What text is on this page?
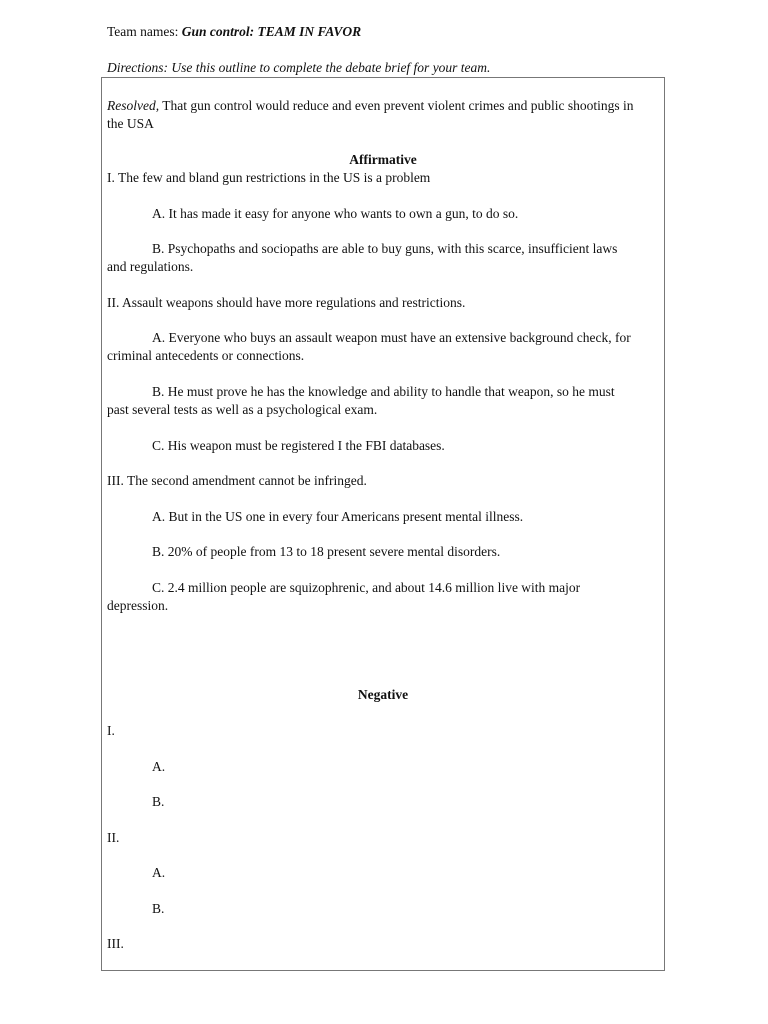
Team names: Gun control: TEAM IN FAVOR
Directions: Use this outline to complete the debate brief for your team.
Resolved, That gun control would reduce and even prevent violent crimes and public shootings in the USA
Affirmative
I. The few and bland gun restrictions in the US is a problem
A. It has made it easy for anyone who wants to own a gun, to do so.
B. Psychopaths and sociopaths are able to buy guns, with this scarce, insufficient laws and regulations.
II. Assault weapons should have more regulations and restrictions.
A. Everyone who buys an assault weapon must have an extensive background check, for criminal antecedents or connections.
B. He must prove he has the knowledge and ability to handle that weapon, so he must past several tests as well as a psychological exam.
C. His weapon must be registered I the FBI databases.
III. The second amendment cannot be infringed.
A. But in the US one in every four Americans present mental illness.
B. 20% of people from 13 to 18 present severe mental disorders.
C. 2.4 million people are squizophrenic, and about 14.6 million live with major depression.
Negative
I.
A.
B.
II.
A.
B.
III.
